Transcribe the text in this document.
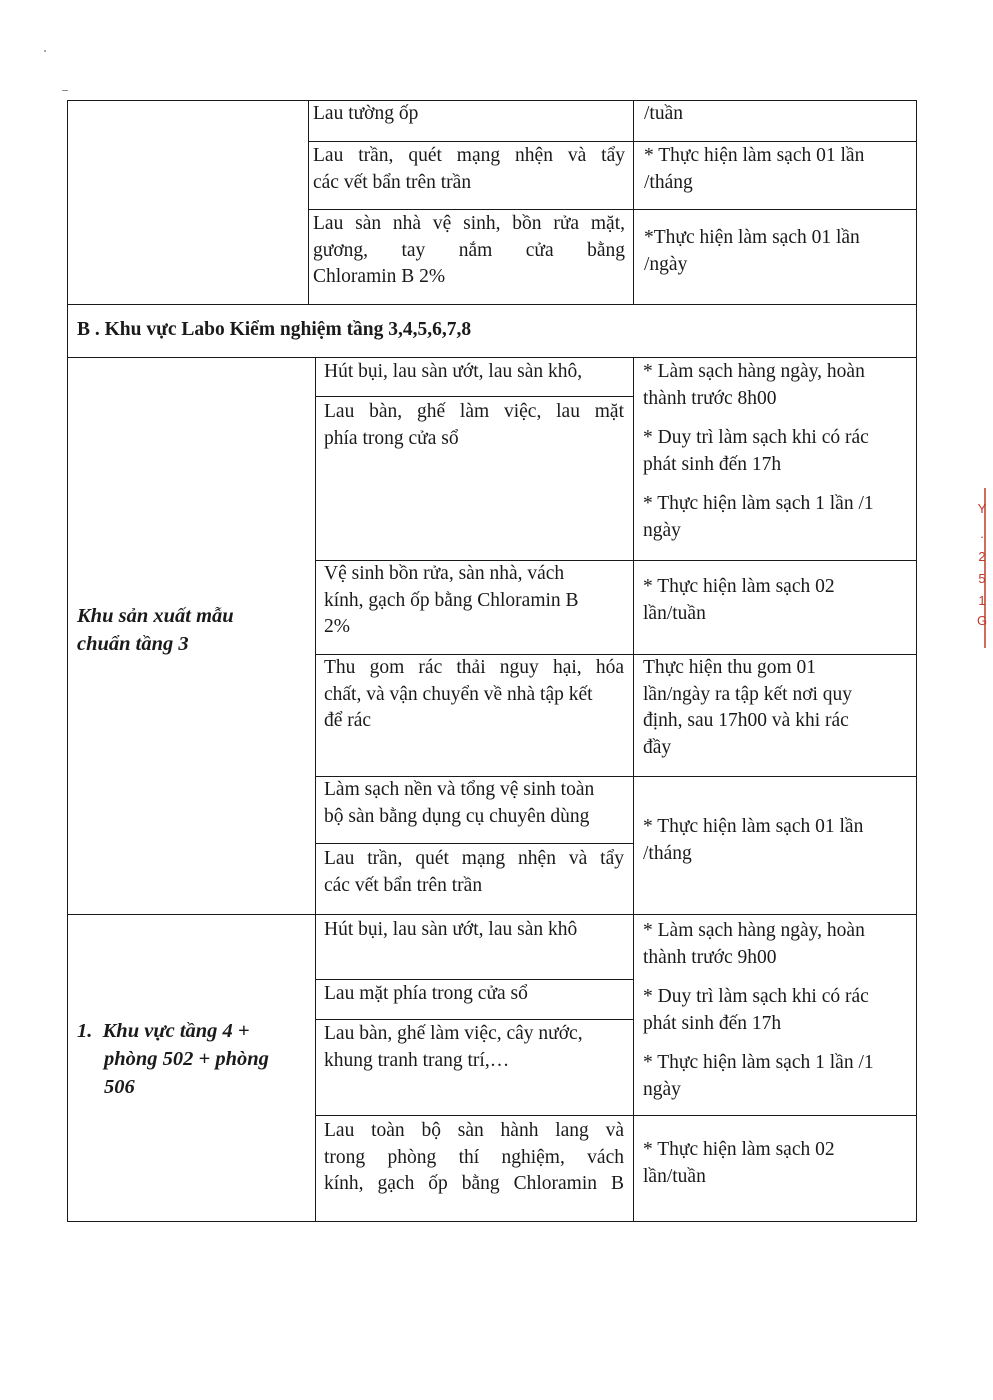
Lau tường ốp	/tuần
Lau trần, quét mạng nhện và tẩy
các vết bẩn trên trần
* Thực hiện làm sạch 01 lần
/tháng
Lau sàn nhà vệ sinh, bồn rửa mặt,
gương, tay nắm cửa bằng
Chloramin B 2%
*Thực hiện làm sạch 01 lần
/ngày
B . Khu vực Labo Kiểm nghiệm tầng 3,4,5,6,7,8
Khu sản xuất mẫu
chuẩn tầng 3
Hút bụi, lau sàn ướt, lau sàn khô,
Lau bàn, ghế làm việc, lau mặt
phía trong cửa sổ
Vệ sinh bồn rửa, sàn nhà, vách
kính, gạch ốp bằng Chloramin B
2%
Thu gom rác thải nguy hại, hóa
chất, và vận chuyển về nhà tập kết
để rác
Làm sạch nền và tổng vệ sinh toàn
bộ sàn bằng dụng cụ chuyên dùng
Lau trần, quét mạng nhện và tẩy
các vết bẩn trên trần
* Làm sạch hàng ngày, hoàn
thành trước 8h00
* Duy trì làm sạch khi có rác
phát sinh đến 17h
* Thực hiện làm sạch 1 lần /1
ngày
* Thực hiện làm sạch 02
lần/tuần
Thực hiện thu gom 01
lần/ngày ra tập kết nơi quy
định, sau 17h00 và khi rác
đầy
* Thực hiện làm sạch 01 lần
/tháng
1. Khu vực tầng 4 +
phòng 502 + phòng
506
Hút bụi, lau sàn ướt, lau sàn khô
Lau mặt phía trong cửa sổ
Lau bàn, ghế làm việc, cây nước,
khung tranh trang trí,…
Lau toàn bộ sàn hành lang và
trong phòng thí nghiệm, vách
kính, gạch ốp bằng Chloramin B
* Làm sạch hàng ngày, hoàn
thành trước 9h00
* Duy trì làm sạch khi có rác
phát sinh đến 17h
* Thực hiện làm sạch 1 lần /1
ngày
* Thực hiện làm sạch 02
lần/tuần
Y
·
2
5
1
G
